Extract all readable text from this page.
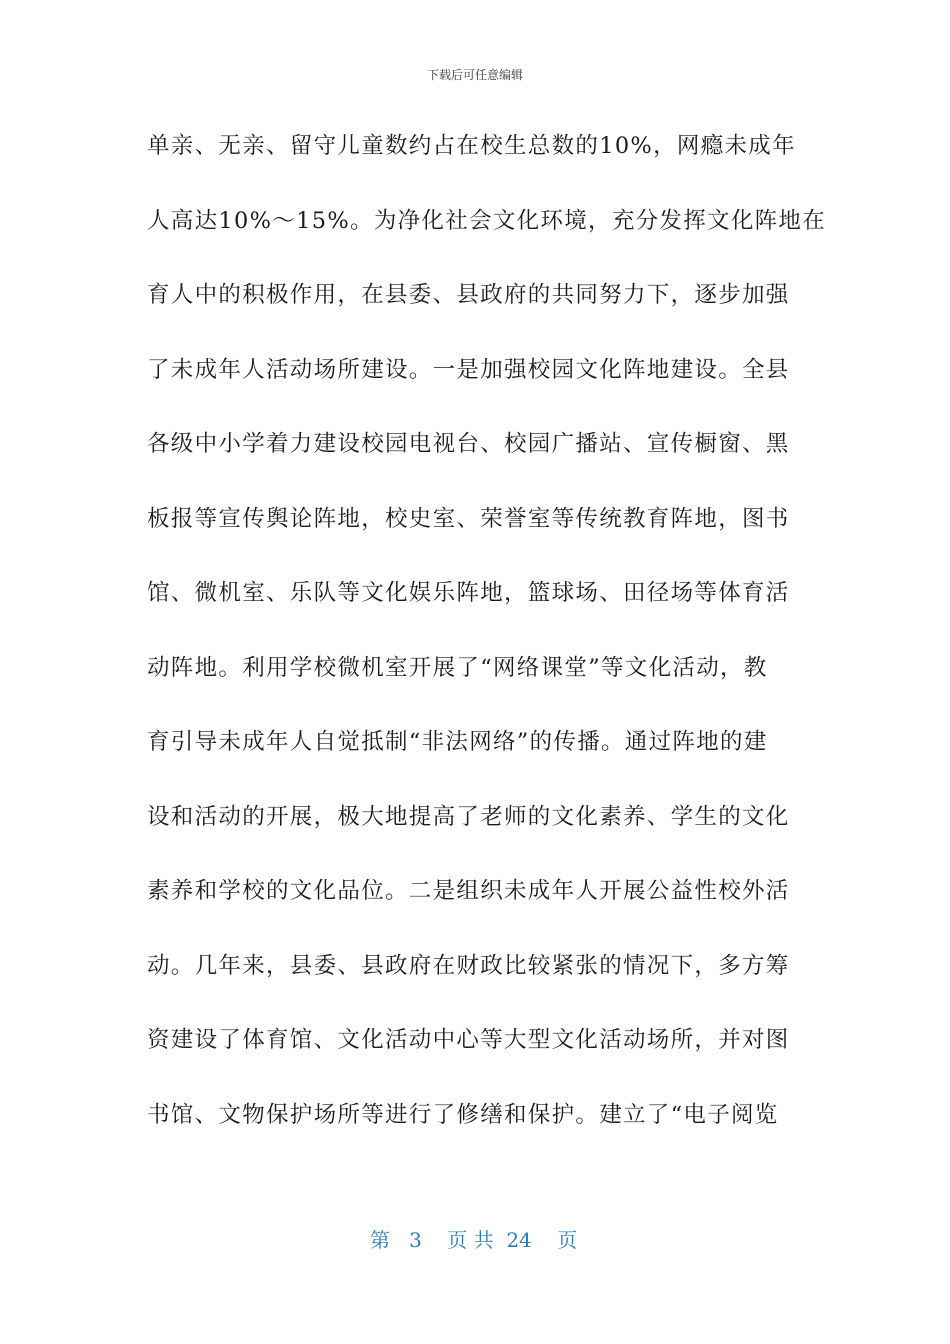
下载后可任意编辑
单亲、无亲、留守儿童数约占在校生总数的10%，网瘾未成年
人高达10%～15%。为净化社会文化环境，充分发挥文化阵地在
育人中的积极作用，在县委、县政府的共同努力下，逐步加强
了未成年人活动场所建设。一是加强校园文化阵地建设。全县
各级中小学着力建设校园电视台、校园广播站、宣传橱窗、黑
板报等宣传舆论阵地，校史室、荣誉室等传统教育阵地，图书
馆、微机室、乐队等文化娱乐阵地，篮球场、田径场等体育活
动阵地。利用学校微机室开展了“网络课堂”等文化活动，教
育引导未成年人自觉抵制“非法网络”的传播。通过阵地的建
设和活动的开展，极大地提高了老师的文化素养、学生的文化
素养和学校的文化品位。二是组织未成年人开展公益性校外活
动。几年来，县委、县政府在财政比较紧张的情况下，多方筹
资建设了体育馆、文化活动中心等大型文化活动场所，并对图
书馆、文物保护场所等进行了修缮和保护。建立了“电子阅览
第 3 页 共 24 页
